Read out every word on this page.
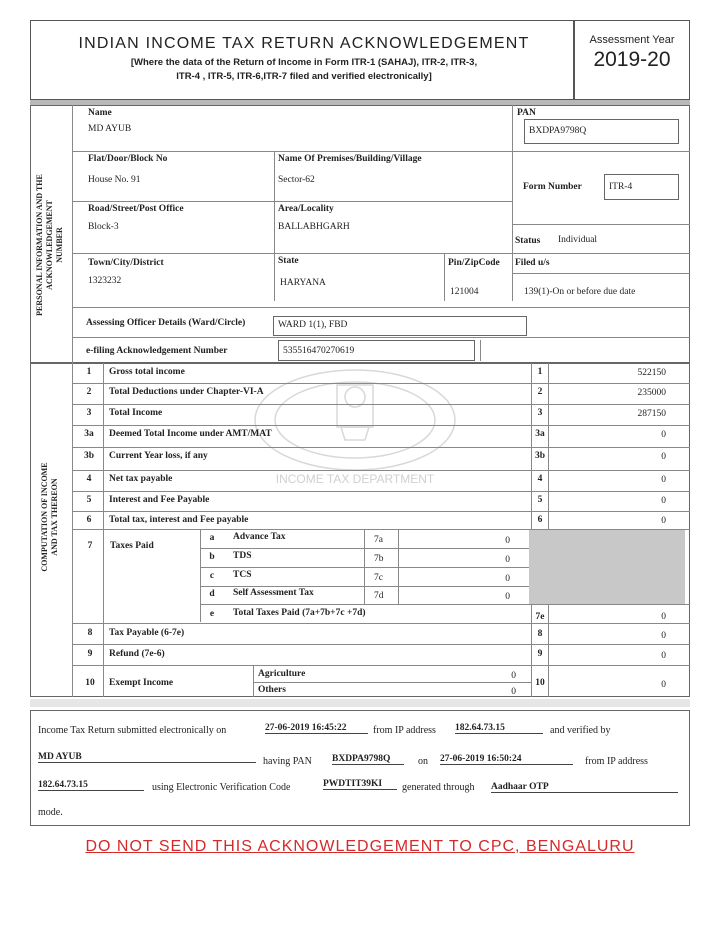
INDIAN INCOME TAX RETURN ACKNOWLEDGEMENT
[Where the data of the Return of Income in Form ITR-1 (SAHAJ), ITR-2, ITR-3,
ITR-4 , ITR-5, ITR-6,ITR-7 filed and verified electronically]
Assessment Year
2019-20
PERSONAL INFORMATION AND THE ACKNOWLEDGEMENT NUMBER
Name
MD AYUB
PAN
BXDPA9798Q
Flat/Door/Block No
House No. 91
Name Of Premises/Building/Village
Sector-62
Form Number	ITR-4
Road/Street/Post Office
Block-3
Area/Locality
BALLABHGARH
Status Individual
Town/City/District
1323232
State
HARYANA
Pin/ZipCode
121004
Filed u/s
139(1)-On or before due date
Assessing Officer Details (Ward/Circle)	WARD 1(1), FBD
e-filing Acknowledgement Number	535516470270619
COMPUTATION OF INCOME AND TAX THEREON	INCOME TAX DEPARTMENT
1	Gross total income	1	522150
2	Total Deductions under Chapter-VI-A	2	235000
3	Total Income	3	287150
3a	Deemed Total Income under AMT/MAT	3a	0
3b	Current Year loss, if any	3b	0
4	Net tax payable	4	0
5	Interest and Fee Payable	5	0
6	Total tax, interest and Fee payable	6	0
7	Taxes Paid
a	Advance Tax	7a	0
b	TDS	7b	0
c	TCS	7c	0
d	Self Assessment Tax	7d	0
e	Total Taxes Paid (7a+7b+7c +7d)	7e	0
8	Tax Payable (6-7e)	8	0
9	Refund (7e-6)	9	0
10	Exempt Income
Agriculture	0
Others	0
10	0
Income Tax Return submitted electronically on	27-06-2019 16:45:22	from IP address 182.64.73.15	and verified by
MD AYUB	having PAN BXDPA9798Q	on 27-06-2019 16:50:24	from IP address
182.64.73.15	using Electronic Verification Code	PWDTIT39KI	generated through Aadhaar OTP
mode.
DO NOT SEND THIS ACKNOWLEDGEMENT TO CPC, BENGALURU
